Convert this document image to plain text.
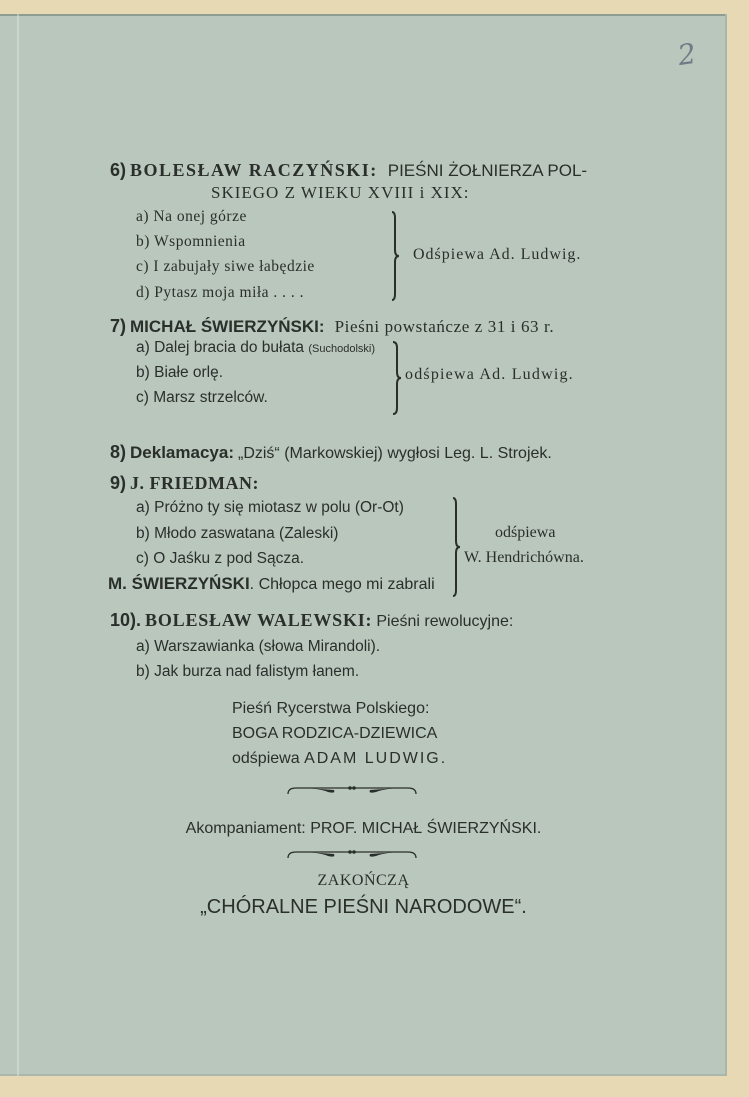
2
6) BOLESŁAW RACZYŃSKI: PIEŚNI ŻOŁNIERZA POL-
SKIEGO Z WIEKU XVIII i XIX:
a) Na onej górze
b) Wspomnienia
c) I zabujały siwe łabędzie
d) Pytasz moja miła . . . .
Odśpiewa Ad. Ludwig.
7) MICHAŁ ŚWIERZYŃSKI: Pieśni powstańcze z 31 i 63 r.
a) Dalej bracia do bułata (Suchodolski)
b) Białe orlę.
c) Marsz strzelców.
odśpiewa Ad. Ludwig.
8) Deklamacya: „Dziś“ (Markowskiej) wygłosi Leg. L. Strojek.
9) J. FRIEDMAN:
a) Próżno ty się miotasz w polu (Or-Ot)
b) Młodo zaswatana (Zaleski)
c) O Jaśku z pod Sącza.
M. ŚWIERZYŃSKI. Chłopca mego mi zabrali
odśpiewa
W. Hendrichówna.
10). BOLESŁAW WALEWSKI: Pieśni rewolucyjne:
a) Warszawianka (słowa Mirandoli).
b) Jak burza nad falistym łanem.
Pieśń Rycerstwa Polskiego:
BOGA RODZICA-DZIEWICA
odśpiewa ADAM LUDWIG.
Akompaniament: PROF. MICHAŁ ŚWIERZYŃSKI.
ZAKOŃCZĄ
„CHÓRALNE PIEŚNI NARODOWE“.
